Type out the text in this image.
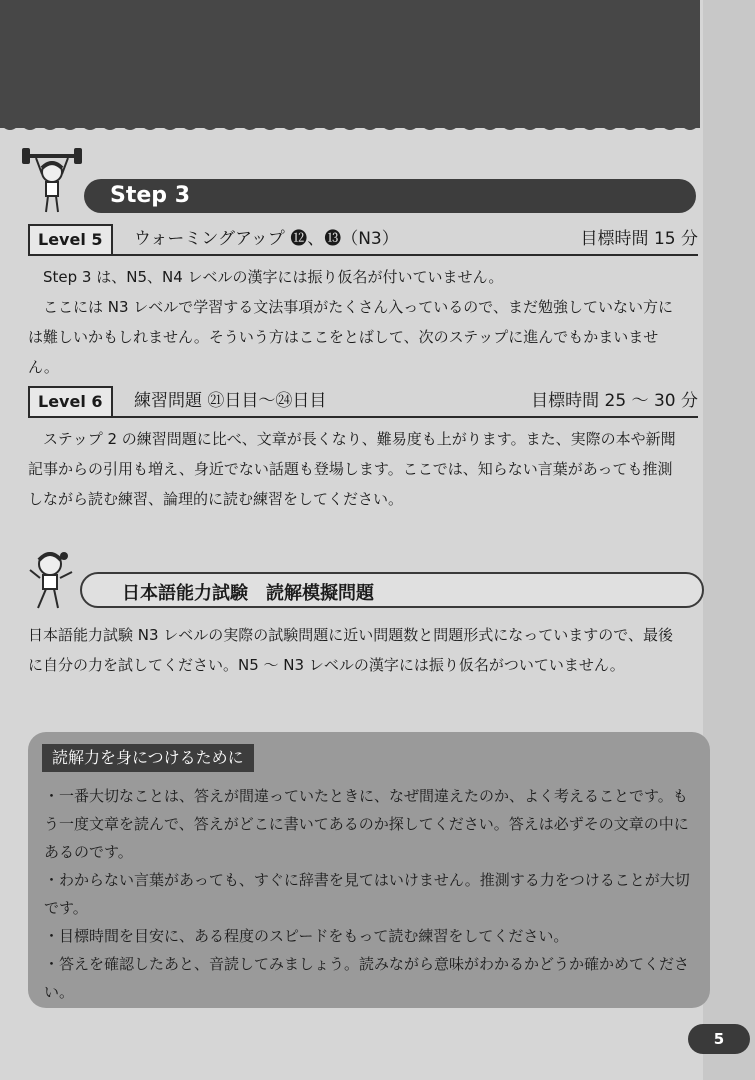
Step 3
Level 5	ウォーミングアップ ⓬、⓭（N3）	目標時間 15 分

Step 3 は、N5、N4 レベルの漢字には振り仮名が付いていません。

ここには N3 レベルで学習する文法事項がたくさん入っているので、まだ勉強していない方には難しいかもしれません。そういう方はここをとばして、次のステップに進んでもかまいません。

Level 6	練習問題 ㉑日目～㉔日目	目標時間 25 ～ 30 分

ステップ 2 の練習問題に比べ、文章が長くなり、難易度も上がります。また、実際の本や新聞記事からの引用も増え、身近でない話題も登場します。ここでは、知らない言葉があっても推測しながら読む練習、論理的に読む練習をしてください。

日本語能力試験　読解模擬問題

日本語能力試験 N3 レベルの実際の試験問題に近い問題数と問題形式になっていますので、最後に自分の力を試してください。N5 ～ N3 レベルの漢字には振り仮名がついていません。

読解力を身につけるために

・一番大切なことは、答えが間違っていたときに、なぜ間違えたのか、よく考えることです。もう一度文章を読んで、答えがどこに書いてあるのか探してください。答えは必ずその文章の中にあるのです。

・わからない言葉があっても、すぐに辞書を見てはいけません。推測する力をつけることが大切です。

・目標時間を目安に、ある程度のスピードをもって読む練習をしてください。

・答えを確認したあと、音読してみましょう。読みながら意味がわかるかどうか確かめてください。

5
